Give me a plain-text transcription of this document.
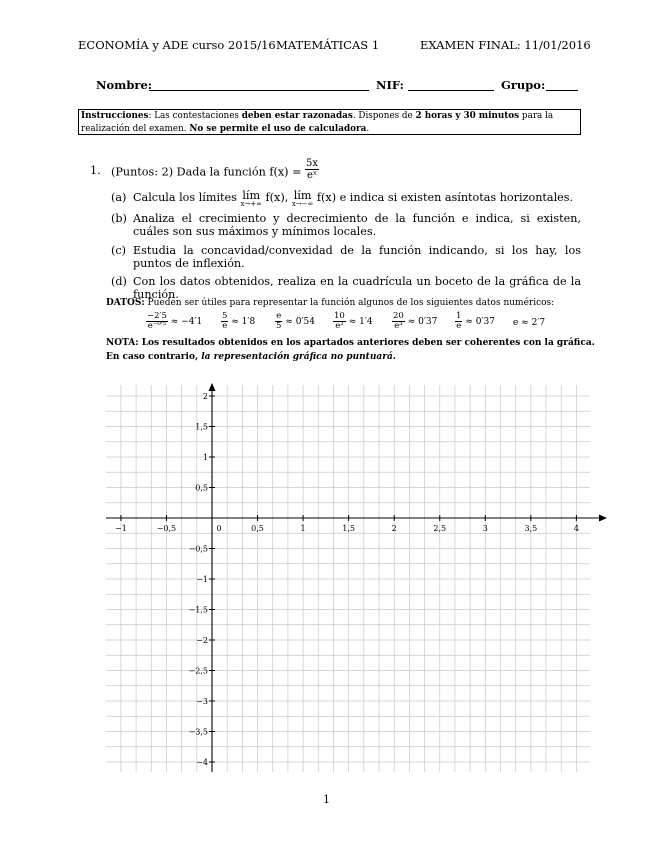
ECONOMÍA y ADE curso 2015/16 MATEMÁTICAS 1	EXAMEN FINAL: 11/01/2016
Nombre:	NIF:	Grupo:
Instrucciones: Las contestaciones deben estar razonadas. Dispones de 2 horas y 30 minutos para la realización del examen. No se permite el uso de calculadora.
1. (Puntos: 2) Dada la función $f(x) = \frac{5x}{\text{eˣ}}$
(a) Calcula los límites lím
x→+∞ f(x), lím
x→−∞ f(x) e indica si existen asíntotas horizontales.
(b) Analiza el crecimiento y decrecimiento de la función e indica, si existen, cuáles son sus máximos y mínimos locales.
(c) Estudia la concavidad/convexidad de la función indicando, si los hay, los puntos de inflexión.
(d) Con los datos obtenidos, realiza en la cuadrícula un boceto de la gráfica de la función.
DATOS: Pueden ser útiles para representar la función algunos de los siguientes datos numéricos:
$\frac{-2'5}{\text{e⁻⁰′⁵}} \approx -4'1 \frac{5}{e} \approx 1'8 \frac{e}{5} \approx 0'54 \frac{10}{\text{e²}} \approx 1'4 \frac{20}{\text{e³}} \approx 0'37 \frac{1}{e} \approx 0'37$ e ≈ 2′7
NOTA: Los resultados obtenidos en los apartados anteriores deben ser coherentes con la gráfica.
En caso contrario, la representación gráfica no puntuará.
−1	−0,5	0	0,5	1	1,5	2	2,5	3	3,5	4
2
1,5
1
0,5
−0,5
−1
−1,5
−2
−2,5
−3
−3,5
−4
1
